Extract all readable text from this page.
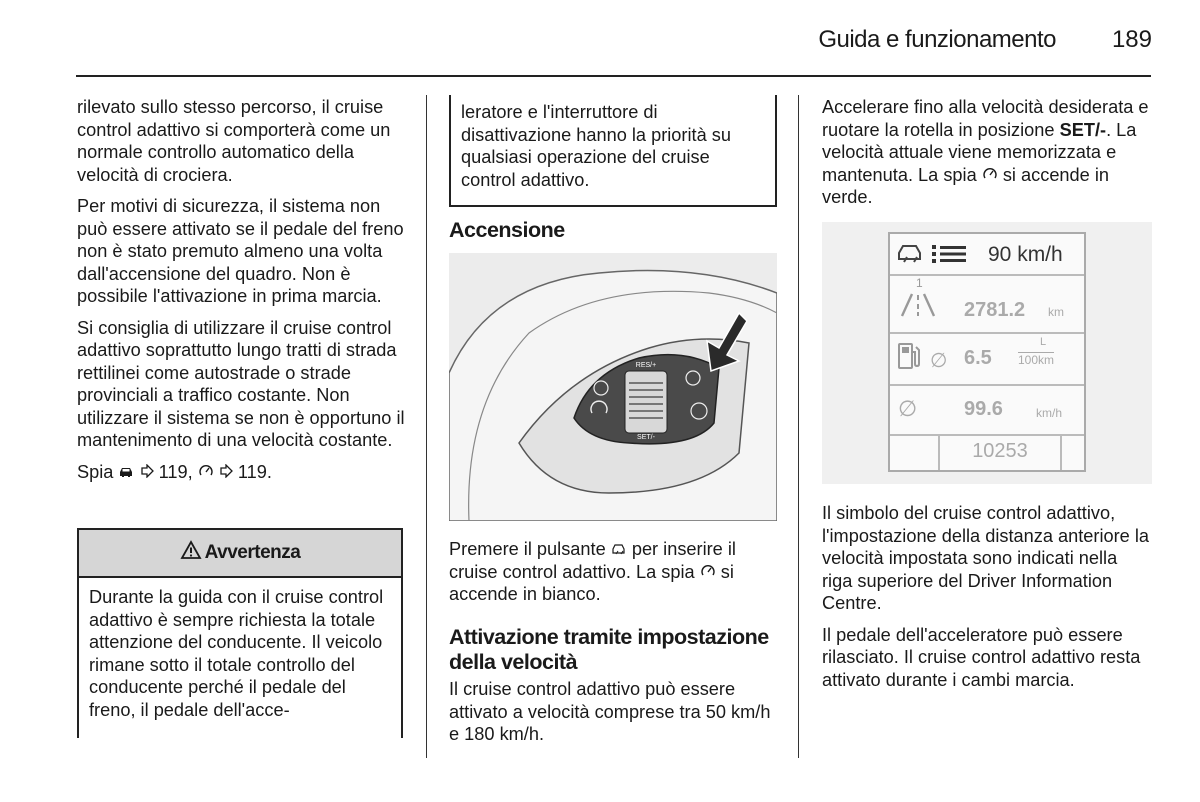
Guida e funzionamento	189

rilevato sullo stesso percorso, il cruise control adattivo si comporterà come un normale controllo automatico della velocità di crociera.

Per motivi di sicurezza, il sistema non può essere attivato se il pedale del freno non è stato premuto almeno una volta dall'accensione del quadro. Non è possibile l'attivazione in prima marcia.

Si consiglia di utilizzare il cruise control adattivo soprattutto lungo tratti di strada rettilinei come autostrade o strade provinciali a traffico costante. Non utilizzare il sistema se non è opportuno il mantenimento di una velocità costante.

Spia 119, 119.

Avvertenza
Durante la guida con il cruise control adattivo è sempre richiesta la totale attenzione del conducente. Il veicolo rimane sotto il totale controllo del conducente perché il pedale del freno, il pedale dell'acce-
leratore e l'interruttore di disattivazione hanno la priorità su qualsiasi operazione del cruise control adattivo.
Accensione
RES/+
SET/-
Premere il pulsante per inserire il cruise control adattivo. La spia si accende in bianco.
Attivazione tramite impostazione della velocità
Il cruise control adattivo può essere attivato a velocità comprese tra 50 km/h e 180 km/h.
Accelerare fino alla velocità desiderata e ruotare la rotella in posizione SET/-. La velocità attuale viene memorizzata e mantenuta. La spia si accende in verde.
90 km/h
1
2781.2 km
∅ 6.5
L
100km
∅ 99.6	km/h
10253

Il simbolo del cruise control adattivo, l'impostazione della distanza anteriore la velocità impostata sono indicati nella riga superiore del Driver Information Centre.

Il pedale dell'acceleratore può essere rilasciato. Il cruise control adattivo resta attivato durante i cambi marcia.
